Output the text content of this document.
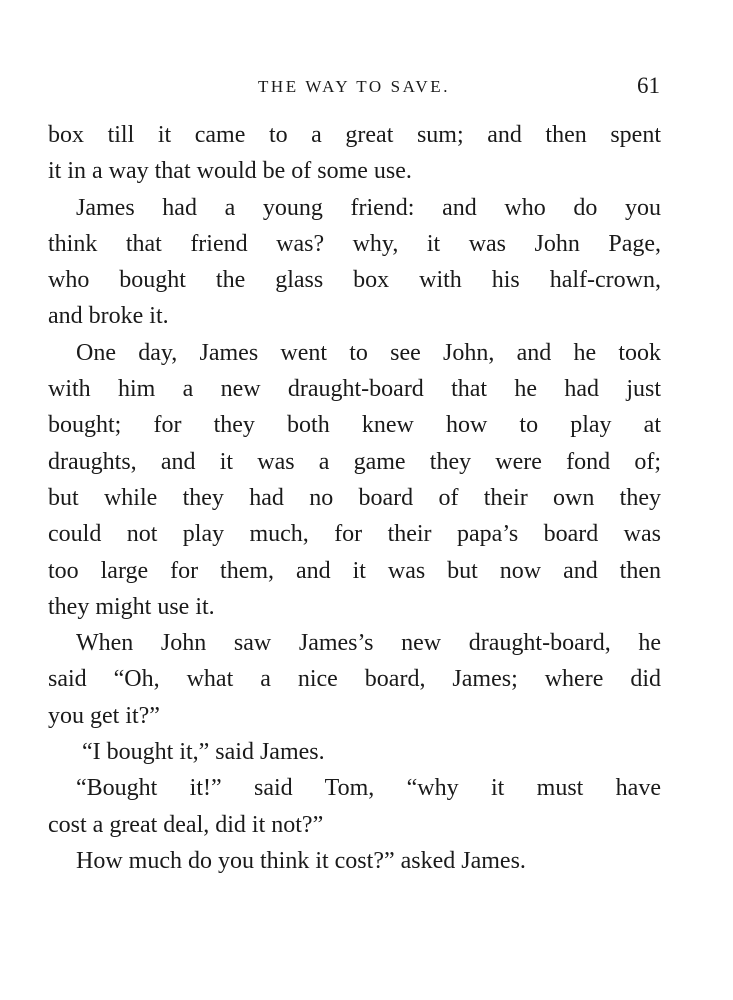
THE WAY TO SAVE.	61
box till it came to a great sum; and then spent
it in a way that would be of some use.
James had a young friend: and who do you
think that friend was? why, it was John Page,
who bought the glass box with his half-crown,
and broke it.
One day, James went to see John, and he took
with him a new draught-board that he had just
bought; for they both knew how to play at
draughts, and it was a game they were fond of;
but while they had no board of their own they
could not play much, for their papa’s board was
too large for them, and it was but now and then
they might use it.
When John saw James’s new draught-board, he
said “Oh, what a nice board, James; where did
you get it?”
“I bought it,” said James.
“Bought it!” said Tom, “why it must have
cost a great deal, did it not?”
How much do you think it cost?” asked James.
